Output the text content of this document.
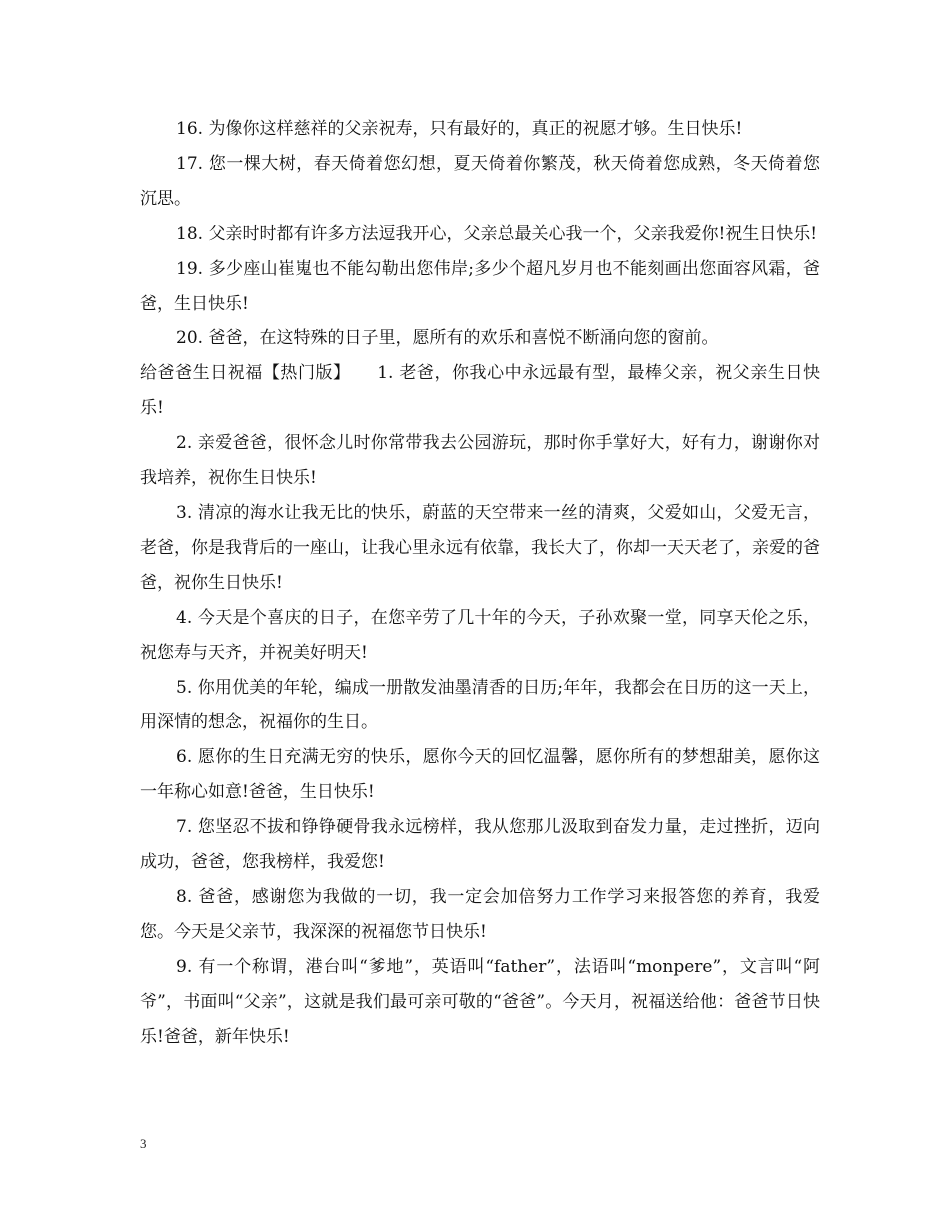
16. 为像你这样慈祥的父亲祝寿，只有最好的，真正的祝愿才够。生日快乐!

17. 您一棵大树，春天倚着您幻想，夏天倚着你繁茂，秋天倚着您成熟，冬天倚着您沉思。

18. 父亲时时都有许多方法逗我开心，父亲总最关心我一个，父亲我爱你!祝生日快乐!

19. 多少座山崔嵬也不能勾勒出您伟岸;多少个超凡岁月也不能刻画出您面容风霜，爸爸，生日快乐!

20. 爸爸，在这特殊的日子里，愿所有的欢乐和喜悦不断涌向您的窗前。

给爸爸生日祝福【热门版】　　1. 老爸，你我心中永远最有型，最棒父亲，祝父亲生日快乐!

2. 亲爱爸爸，很怀念儿时你常带我去公园游玩，那时你手掌好大，好有力，谢谢你对我培养，祝你生日快乐!

3. 清凉的海水让我无比的快乐，蔚蓝的天空带来一丝的清爽，父爱如山，父爱无言，老爸，你是我背后的一座山，让我心里永远有依靠，我长大了，你却一天天老了，亲爱的爸爸，祝你生日快乐!

4. 今天是个喜庆的日子，在您辛劳了几十年的今天，子孙欢聚一堂，同享天伦之乐，祝您寿与天齐，并祝美好明天!

5. 你用优美的年轮，编成一册散发油墨清香的日历;年年，我都会在日历的这一天上，用深情的想念，祝福你的生日。

6. 愿你的生日充满无穷的快乐，愿你今天的回忆温馨，愿你所有的梦想甜美，愿你这一年称心如意!爸爸，生日快乐!

7. 您坚忍不拔和铮铮硬骨我永远榜样，我从您那儿汲取到奋发力量，走过挫折，迈向成功，爸爸，您我榜样，我爱您!

8. 爸爸，感谢您为我做的一切，我一定会加倍努力工作学习来报答您的养育，我爱您。今天是父亲节，我深深的祝福您节日快乐!

9. 有一个称谓，港台叫“爹地”，英语叫“father”，法语叫“monpere”，文言叫“阿爷”，书面叫“父亲”，这就是我们最可亲可敬的“爸爸”。今天月，祝福送给他：爸爸节日快乐!爸爸，新年快乐!

3
